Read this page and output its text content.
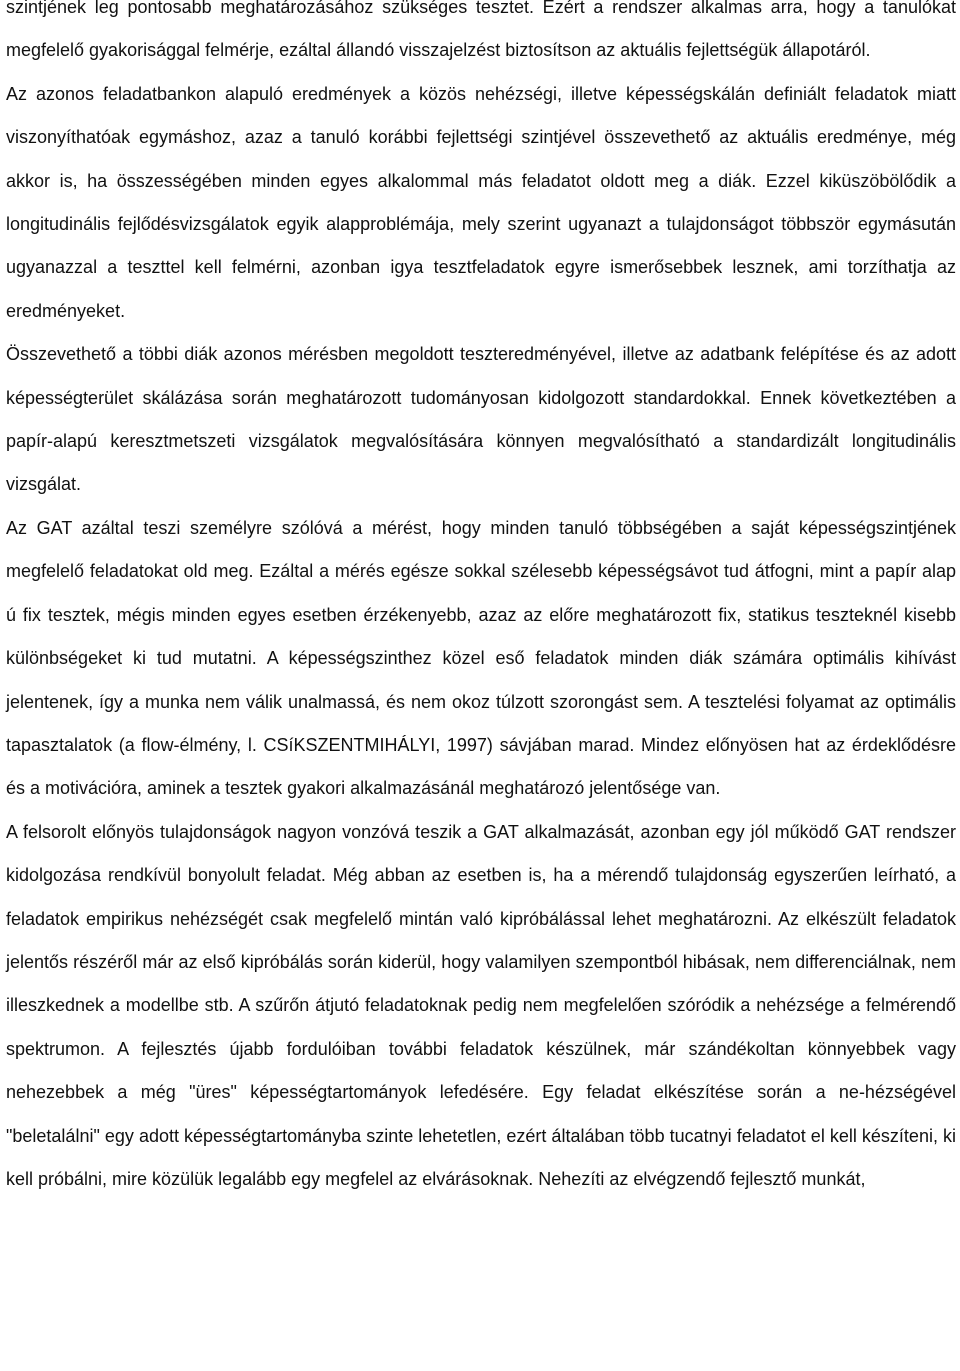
szintjének leg pontosabb meghatározásához szükséges tesztet. Ezért a rendszer alkalmas arra, hogy a tanulókat megfelelő gyakorisággal felmérje, ezáltal állandó visszajelzést biztosítson az aktuális fejlettségük állapotáról.

Az azonos feladatbankon alapuló eredmények a közös nehézségi, illetve képességskálán definiált feladatok miatt viszonyíthatóak egymáshoz, azaz a tanuló korábbi fejlettségi szintjével összevethető az aktuális eredménye, még akkor is, ha összességében minden egyes alkalommal más feladatot oldott meg a diák. Ezzel kiküszöbölődik a longitudinális fejlődésvizsgálatok egyik alapproblémája, mely szerint ugyanazt a tulajdonságot többször egymásután ugyanazzal a teszttel kell felmérni, azonban igya tesztfeladatok egyre ismerősebbek lesznek, ami torzíthatja az eredményeket.

Összevethető a többi diák azonos mérésben megoldott teszteredményével, illetve az adatbank felépítése és az adott képességterület skálázása során meghatározott tudományosan kidolgozott standardokkal. Ennek következtében a papír-alapú keresztmetszeti vizsgálatok megvalósítására könnyen megvalósítható a standardizált longitudinális vizsgálat.

Az GAT azáltal teszi személyre szólóvá a mérést, hogy minden tanuló többségében a saját képességszintjének megfelelő feladatokat old meg. Ezáltal a mérés egésze sokkal szélesebb képességsávot tud átfogni, mint a papír alap ú fix tesztek, mégis minden egyes esetben érzékenyebb, azaz az előre meghatározott fix, statikus teszteknél kisebb különbségeket ki tud mutatni. A képességszinthez közel eső feladatok minden diák számára optimális kihívást jelentenek, így a munka nem válik unalmassá, és nem okoz túlzott szorongást sem. A tesztelési folyamat az optimális tapasztalatok (a flow-élmény, l. CSíKSZENTMIHÁLYI, 1997) sávjában marad. Mindez előnyösen hat az érdeklődésre és a motivációra, aminek a tesztek gyakori alkalmazásánál meghatározó jelentősége van.

A felsorolt előnyös tulajdonságok nagyon vonzóvá teszik a GAT alkalmazását, azonban egy jól működő GAT rendszer kidolgozása rendkívül bonyolult feladat. Még abban az esetben is, ha a mérendő tulajdonság egyszerűen leírható, a feladatok empirikus nehézségét csak megfelelő mintán való kipróbálással lehet meghatározni. Az elkészült feladatok jelentős részéről már az első kipróbálás során kiderül, hogy valamilyen szempontból hibásak, nem differenciálnak, nem illeszkednek a modellbe stb. A szűrőn átjutó feladatoknak pedig nem megfelelően szóródik a nehézsége a felmérendő spektrumon. A fejlesztés újabb fordulóiban további feladatok készülnek, már szándékoltan könnyebbek vagy nehezebbek a még "üres" képességtartományok lefedésére. Egy feladat elkészítése során a ne-hézségével "beletalálni" egy adott képességtartományba szinte lehetetlen, ezért általában több tucatnyi feladatot el kell készíteni, ki kell próbálni, mire közülük legalább egy megfelel az elvárásoknak. Nehezíti az elvégzendő fejlesztő munkát,
